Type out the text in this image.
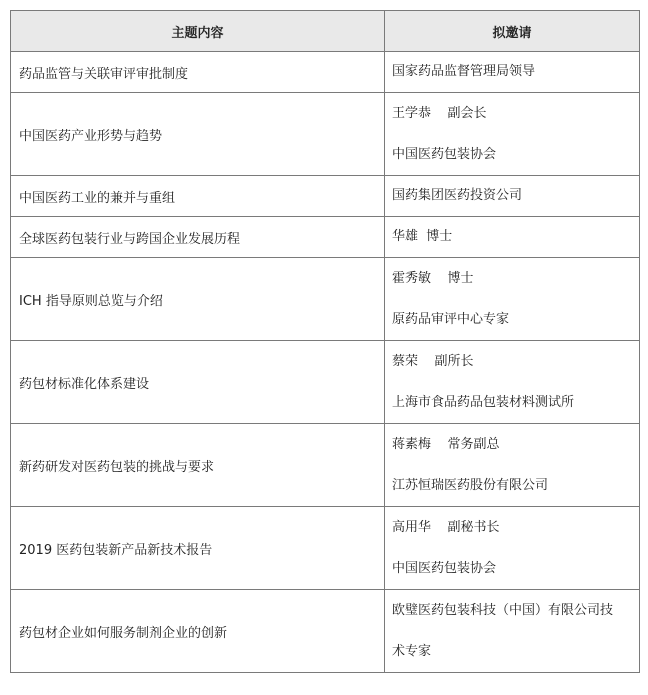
主题内容	拟邀请
药品监管与关联审评审批制度	国家药品监督管理局领导

中国医药产业形势与趋势	王学恭    副会长
中国医药包装协会

中国医药工业的兼并与重组	国药集团医药投资公司

全球医药包装行业与跨国企业发展历程	华雄  博士

ICH 指导原则总览与介绍	霍秀敏    博士
原药品审评中心专家

药包材标准化体系建设	蔡荣    副所长
上海市食品药品包装材料测试所

新药研发对医药包装的挑战与要求	蒋素梅    常务副总
江苏恒瑞医药股份有限公司

2019 医药包装新产品新技术报告	高用华    副秘书长
中国医药包装协会

药包材企业如何服务制剂企业的创新	欧璧医药包装科技（中国）有限公司技
术专家
